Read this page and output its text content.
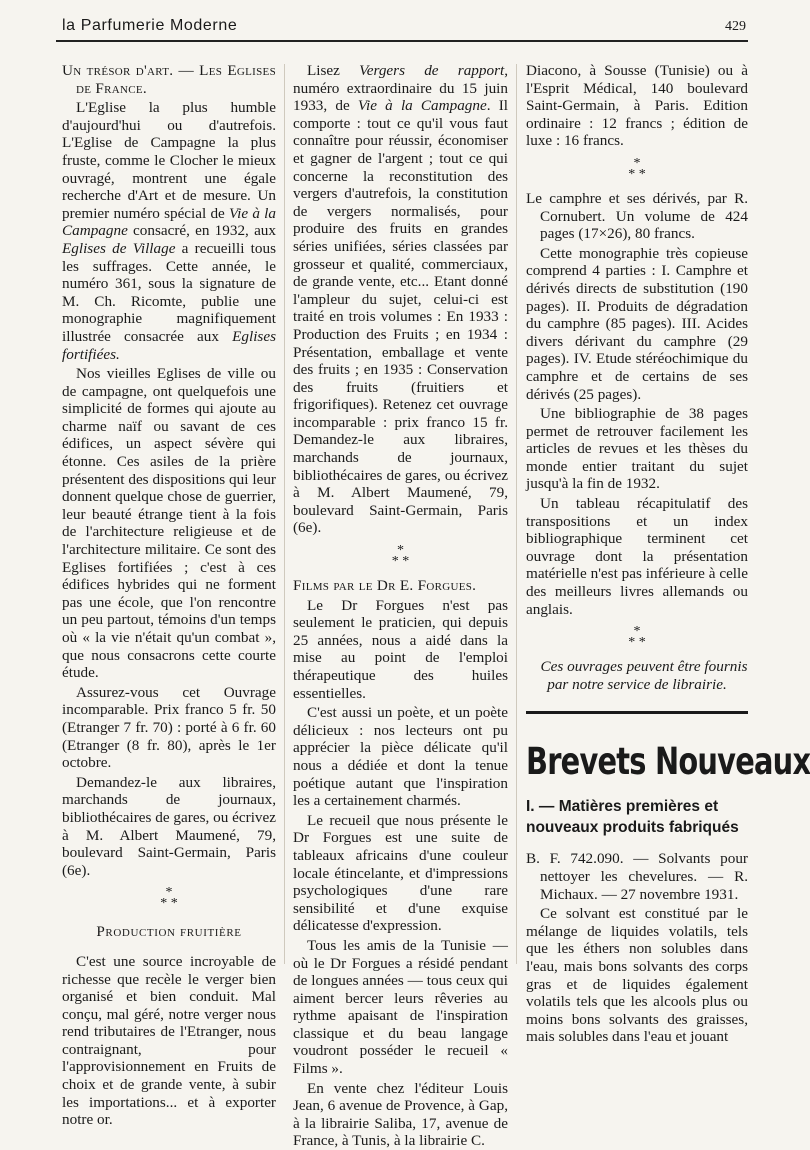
la Parfumerie Moderne	429

Un trésor d'art. — Les Eglises de France.

L'Eglise la plus humble d'aujourd'hui ou d'autrefois. L'Eglise de Campagne la plus fruste, comme le Clocher le mieux ouvragé, montrent une égale recherche d'Art et de mesure. Un premier numéro spécial de Vie à la Campagne consacré, en 1932, aux Eglises de Village a recueilli tous les suffrages. Cette année, le numéro 361, sous la signature de M. Ch. Ricomte, publie une monographie magnifiquement illustrée consacrée aux Eglises fortifiées.

Nos vieilles Eglises de ville ou de campagne, ont quelquefois une simplicité de formes qui ajoute au charme naïf ou savant de ces édifices, un aspect sévère qui étonne. Ces asiles de la prière présentent des dispositions qui leur donnent quelque chose de guerrier, leur beauté étrange tient à la fois de l'architecture religieuse et de l'architecture militaire. Ce sont des Eglises fortifiées ; c'est à ces édifices hybrides qui ne forment pas une école, que l'on rencontre un peu partout, témoins d'un temps où « la vie n'était qu'un combat », que nous consacrons cette courte étude.

Assurez-vous cet Ouvrage incomparable. Prix franco 5 fr. 50 (Etranger 7 fr. 70) : porté à 6 fr. 60 (Etranger (8 fr. 80), après le 1er octobre.

Demandez-le aux libraires, marchands de journaux, bibliothécaires de gares, ou écrivez à M. Albert Maumené, 79, boulevard Saint-Germain, Paris (6e).

*
* *
Production fruitière

C'est une source incroyable de richesse que recèle le verger bien organisé et bien conduit. Mal conçu, mal géré, notre verger nous rend tributaires de l'Etranger, nous contraignant, pour l'approvisionnement en Fruits de choix et de grande vente, à subir les importations... et à exporter notre or.

Lisez Vergers de rapport, numéro extraordinaire du 15 juin 1933, de Vie à la Campagne. Il comporte : tout ce qu'il vous faut connaître pour réussir, économiser et gagner de l'argent ; tout ce qui concerne la reconstitution des vergers d'autrefois, la constitution de vergers normalisés, pour produire des fruits en grandes séries unifiées, séries classées par grosseur et qualité, commerciaux, de grande vente, etc... Etant donné l'ampleur du sujet, celui-ci est traité en trois volumes : En 1933 : Production des Fruits ; en 1934 : Présentation, emballage et vente des fruits ; en 1935 : Conservation des fruits (fruitiers et frigorifiques). Retenez cet ouvrage incomparable : prix franco 15 fr. Demandez-le aux libraires, marchands de journaux, bibliothécaires de gares, ou écrivez à M. Albert Maumené, 79, boulevard Saint-Germain, Paris (6e).

*
* *

Films par le Dr E. Forgues.

Le Dr Forgues n'est pas seulement le praticien, qui depuis 25 années, nous a aidé dans la mise au point de l'emploi thérapeutique des huiles essentielles.

C'est aussi un poète, et un poète délicieux : nos lecteurs ont pu apprécier la pièce délicate qu'il nous a dédiée et dont la tenue poétique autant que l'inspiration les a certainement charmés.

Le recueil que nous présente le Dr Forgues est une suite de tableaux africains d'une couleur locale étincelante, et d'impressions psychologiques d'une rare sensibilité et d'une exquise délicatesse d'expression.

Tous les amis de la Tunisie — où le Dr Forgues a résidé pendant de longues années — tous ceux qui aiment bercer leurs rêveries au rythme apaisant de l'inspiration classique et du beau langage voudront posséder le recueil « Films ».

En vente chez l'éditeur Louis Jean, 6 avenue de Provence, à Gap, à la librairie Saliba, 17, avenue de France, à Tunis, à la librairie C.

Diacono, à Sousse (Tunisie) ou à l'Esprit Médical, 140 boulevard Saint-Germain, à Paris. Edition ordinaire : 12 francs ; édition de luxe : 16 francs.

*
* *

Le camphre et ses dérivés, par R. Cornubert. Un volume de 424 pages (17×26), 80 francs.

Cette monographie très copieuse comprend 4 parties : I. Camphre et dérivés directs de substitution (190 pages). II. Produits de dégradation du camphre (85 pages). III. Acides divers dérivant du camphre (29 pages). IV. Etude stéréochimique du camphre et de certains de ses dérivés (25 pages).

Une bibliographie de 38 pages permet de retrouver facilement les articles de revues et les thèses du monde entier traitant du sujet jusqu'à la fin de 1932.

Un tableau récapitulatif des transpositions et un index bibliographique terminent cet ouvrage dont la présentation matérielle n'est pas inférieure à celle des meilleurs livres allemands ou anglais.

*
* *

Ces ouvrages peuvent être fournis par notre service de librairie.

Brevets Nouveaux
I. — Matières premières et nouveaux produits fabriqués

B. F. 742.090. — Solvants pour nettoyer les chevelures. — R. Michaux. — 27 novembre 1931.

Ce solvant est constitué par le mélange de liquides volatils, tels que les éthers non solubles dans l'eau, mais bons solvants des corps gras et de liquides également volatils tels que les alcools plus ou moins bons solvants des graisses, mais solubles dans l'eau et jouant
